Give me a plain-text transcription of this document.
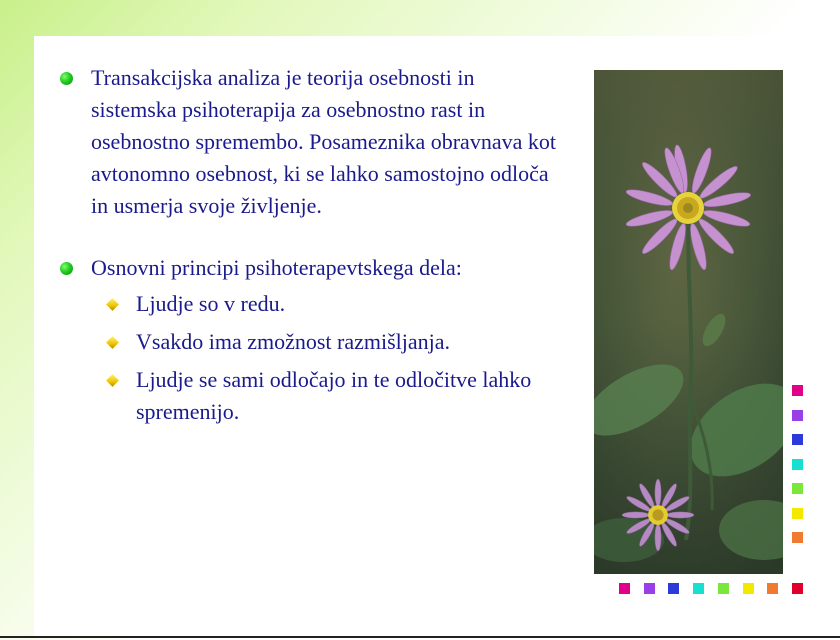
Transakcijska analiza je teorija osebnosti in sistemska psihoterapija za osebnostno rast in osebnostno spremembo. Posameznika obravnava kot avtonomno osebnost, ki se lahko samostojno odloča in usmerja svoje življenje.

Osnovni principi psihoterapevtskega dela:
Ljudje so v redu.
Vsakdo ima zmožnost razmišljanja.
Ljudje se sami odločajo in te odločitve lahko spremenijo.
